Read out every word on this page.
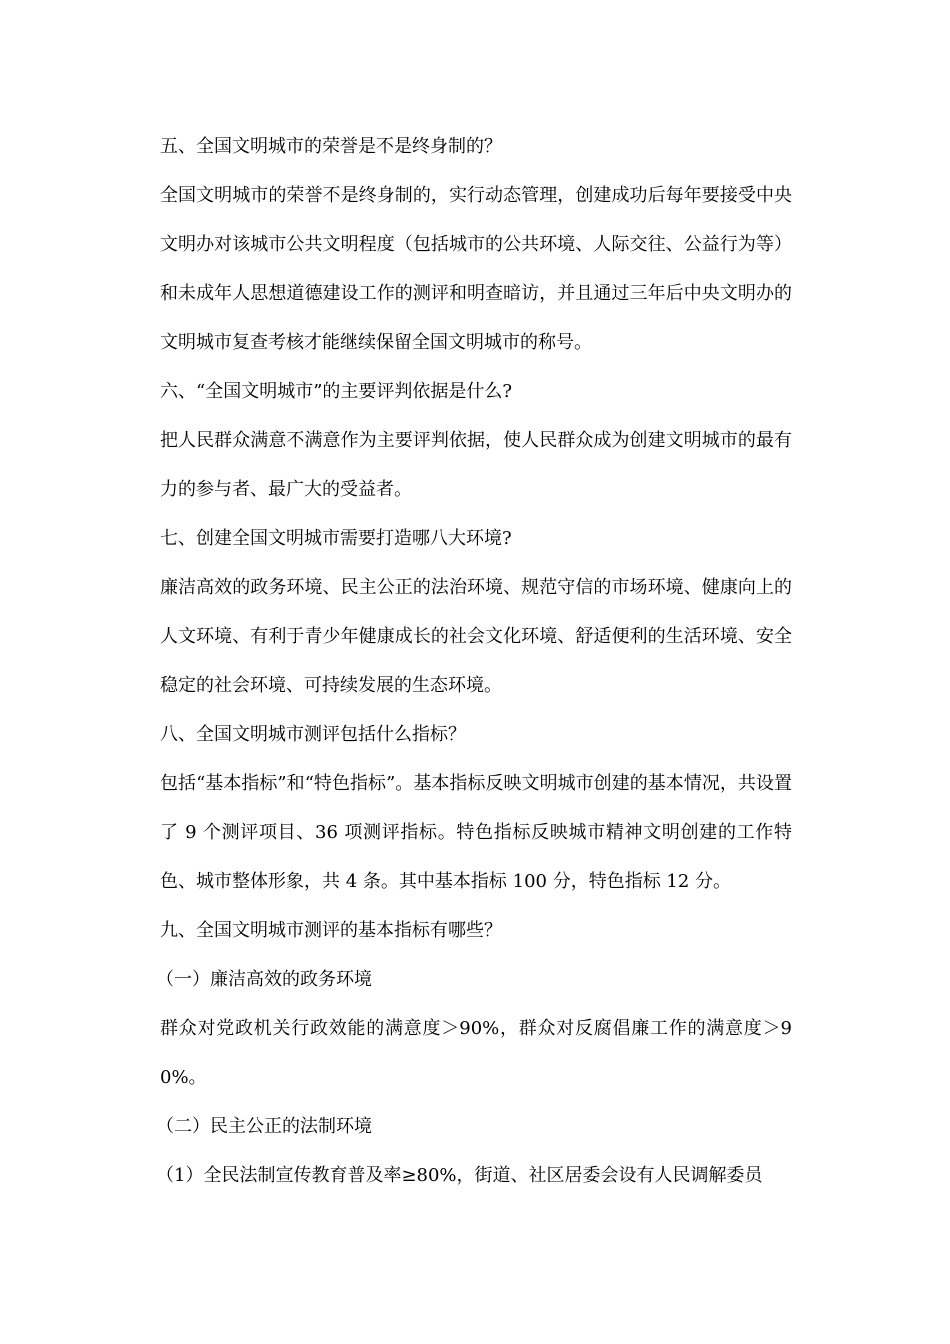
五、全国文明城市的荣誉是不是终身制的？

全国文明城市的荣誉不是终身制的，实行动态管理，创建成功后每年要接受中央文明办对该城市公共文明程度（包括城市的公共环境、人际交往、公益行为等）和未成年人思想道德建设工作的测评和明查暗访，并且通过三年后中央文明办的文明城市复查考核才能继续保留全国文明城市的称号。

六、“全国文明城市”的主要评判依据是什么?

把人民群众满意不满意作为主要评判依据，使人民群众成为创建文明城市的最有力的参与者、最广大的受益者。

七、创建全国文明城市需要打造哪八大环境?

廉洁高效的政务环境、民主公正的法治环境、规范守信的市场环境、健康向上的人文环境、有利于青少年健康成长的社会文化环境、舒适便利的生活环境、安全稳定的社会环境、可持续发展的生态环境。

八、全国文明城市测评包括什么指标？

包括“基本指标”和“特色指标”。基本指标反映文明城市创建的基本情况，共设置了 9 个测评项目、36 项测评指标。特色指标反映城市精神文明创建的工作特色、城市整体形象，共 4 条。其中基本指标 100 分，特色指标 12 分。

九、全国文明城市测评的基本指标有哪些？

（一）廉洁高效的政务环境

群众对党政机关行政效能的满意度＞90%，群众对反腐倡廉工作的满意度＞90%。

（二）民主公正的法制环境

（1）全民法制宣传教育普及率≥80%，街道、社区居委会设有人民调解委员
